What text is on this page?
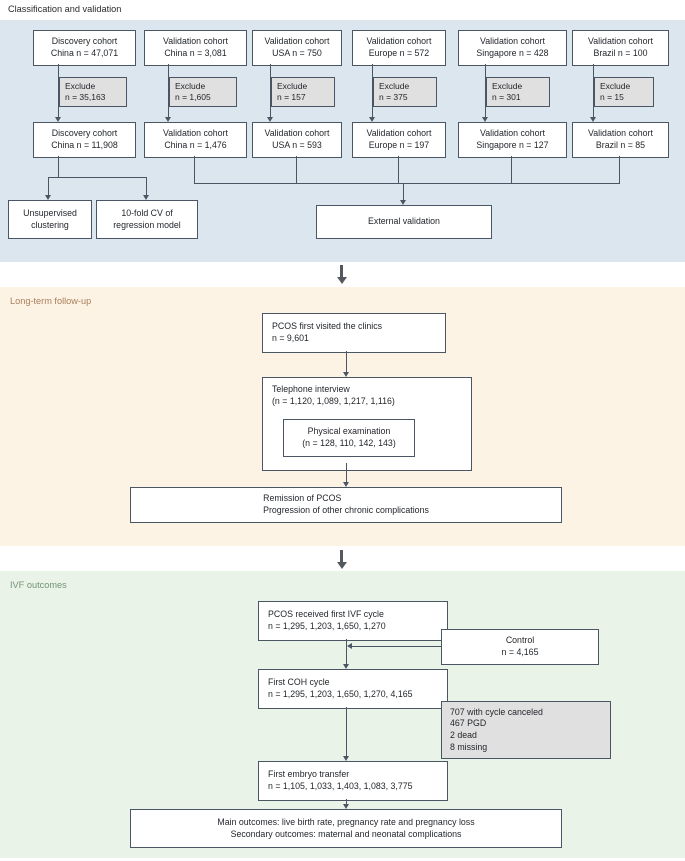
Classification and validation
Discovery cohort
China n = 47,071
Validation cohort
China n = 3,081
Validation cohort
USA n = 750
Validation cohort
Europe n = 572
Validation cohort
Singapore n = 428
Validation cohort
Brazil n = 100
Exclude
n = 35,163
Exclude
n = 1,605
Exclude
n = 157
Exclude
n = 375
Exclude
n = 301
Exclude
n = 15
Discovery cohort
China n = 11,908
Validation cohort
China n = 1,476
Validation cohort
USA n = 593
Validation cohort
Europe n = 197
Validation cohort
Singapore n = 127
Validation cohort
Brazil n = 85
Unsupervised
clustering
10-fold CV of
regression model	External validation
Long-term follow-up
PCOS first visited the clinics
n = 9,601
Telephone interview
(n = 1,120, 1,089, 1,217, 1,116)
Physical examination
(n = 128, 110, 142, 143)
Remission of PCOS
Progression of other chronic complications
IVF outcomes
PCOS received first IVF cycle
n = 1,295, 1,203, 1,650, 1,270
Control
n = 4,165
First COH cycle
n = 1,295, 1,203, 1,650, 1,270, 4,165
707 with cycle canceled
467 PGD
2 dead
8 missing
First embryo transfer
n = 1,105, 1,033, 1,403, 1,083, 3,775
Main outcomes: live birth rate, pregnancy rate and pregnancy loss
Secondary outcomes: maternal and neonatal complications
